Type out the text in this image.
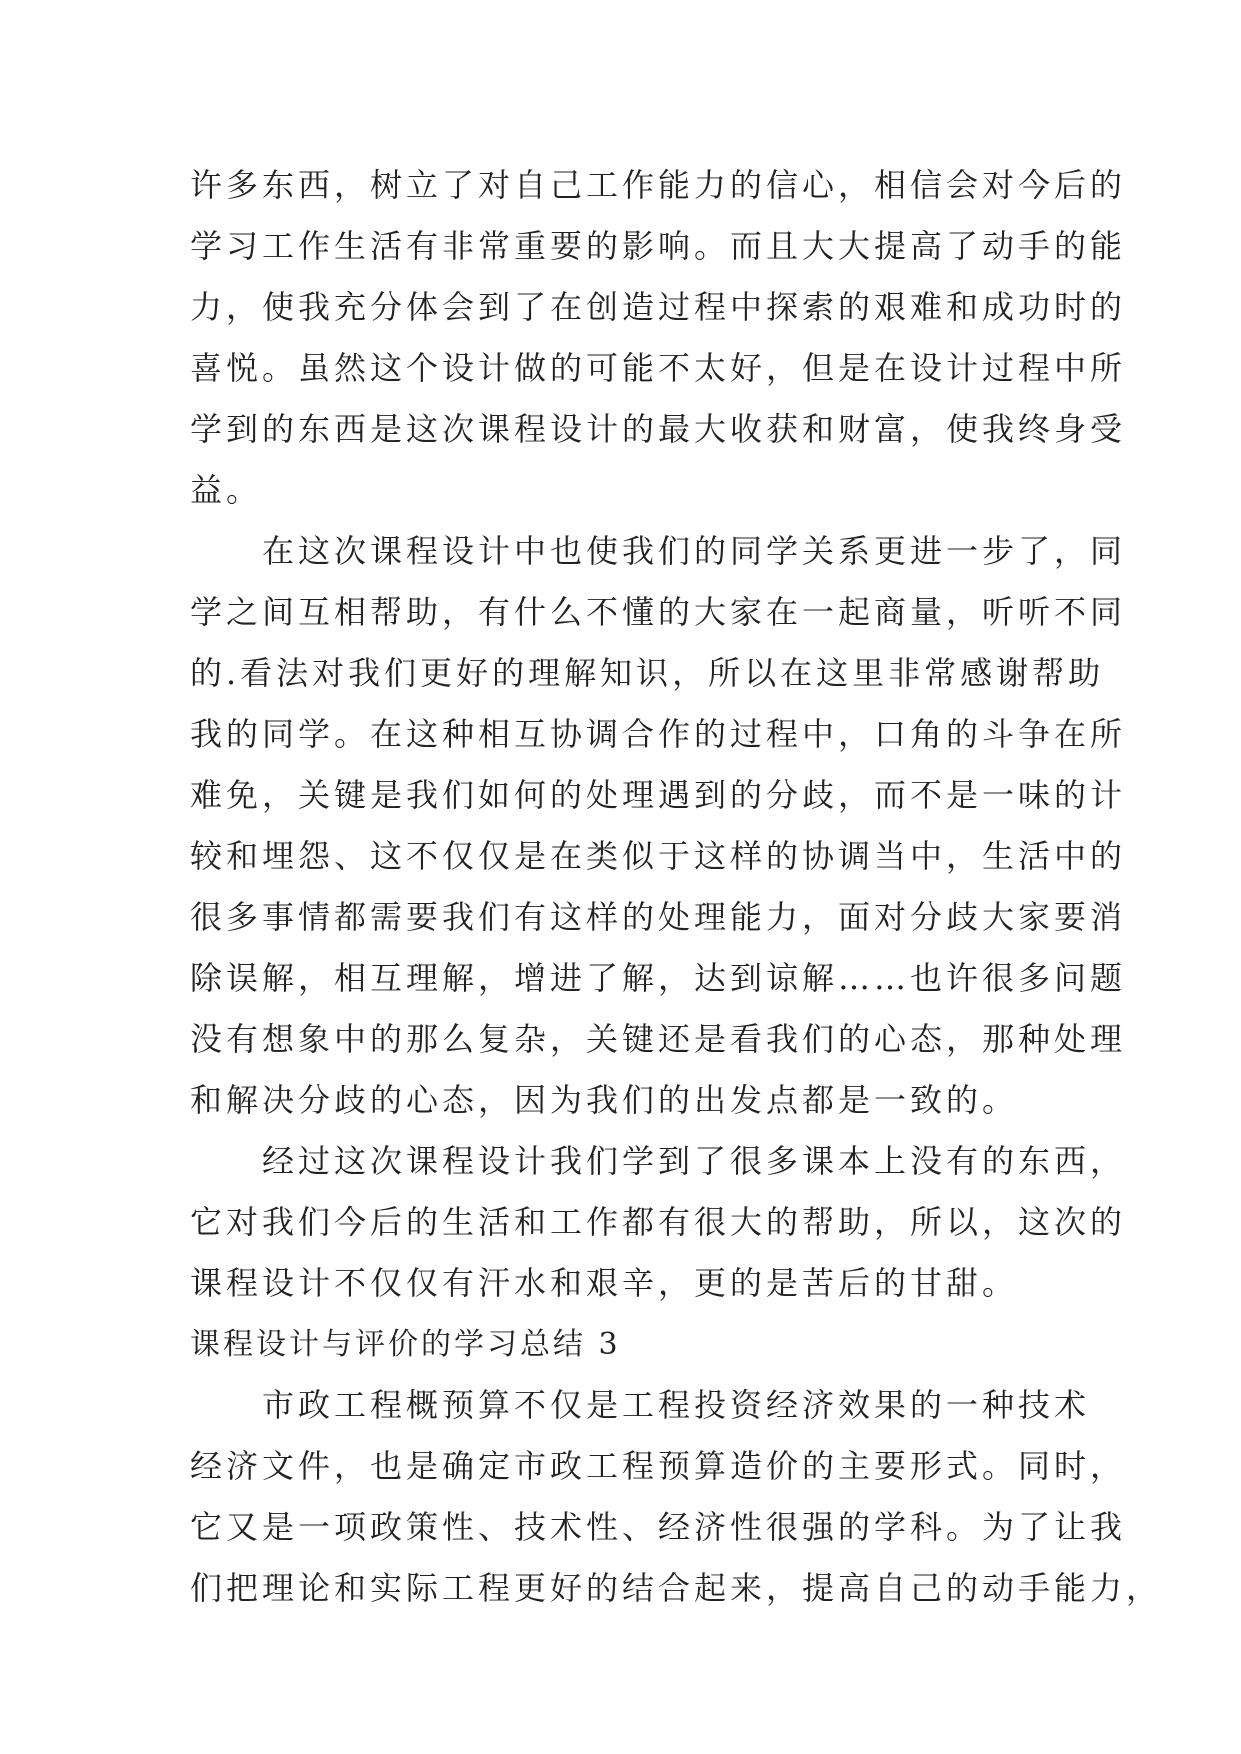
许多东西，树立了对自己工作能力的信心，相信会对今后的
学习工作生活有非常重要的影响。而且大大提高了动手的能
力，使我充分体会到了在创造过程中探索的艰难和成功时的
喜悦。虽然这个设计做的可能不太好，但是在设计过程中所
学到的东西是这次课程设计的最大收获和财富，使我终身受
益。
　　在这次课程设计中也使我们的同学关系更进一步了，同
学之间互相帮助，有什么不懂的大家在一起商量，听听不同
的.看法对我们更好的理解知识，所以在这里非常感谢帮助
我的同学。在这种相互协调合作的过程中，口角的斗争在所
难免，关键是我们如何的处理遇到的分歧，而不是一味的计
较和埋怨、这不仅仅是在类似于这样的协调当中，生活中的
很多事情都需要我们有这样的处理能力，面对分歧大家要消
除误解，相互理解，增进了解，达到谅解……也许很多问题
没有想象中的那么复杂，关键还是看我们的心态，那种处理
和解决分歧的心态，因为我们的出发点都是一致的。
　　经过这次课程设计我们学到了很多课本上没有的东西，
它对我们今后的生活和工作都有很大的帮助，所以，这次的
课程设计不仅仅有汗水和艰辛，更的是苦后的甘甜。
课程设计与评价的学习总结 3
　　市政工程概预算不仅是工程投资经济效果的一种技术
经济文件，也是确定市政工程预算造价的主要形式。同时，
它又是一项政策性、技术性、经济性很强的学科。为了让我
们把理论和实际工程更好的结合起来，提高自己的动手能力，
